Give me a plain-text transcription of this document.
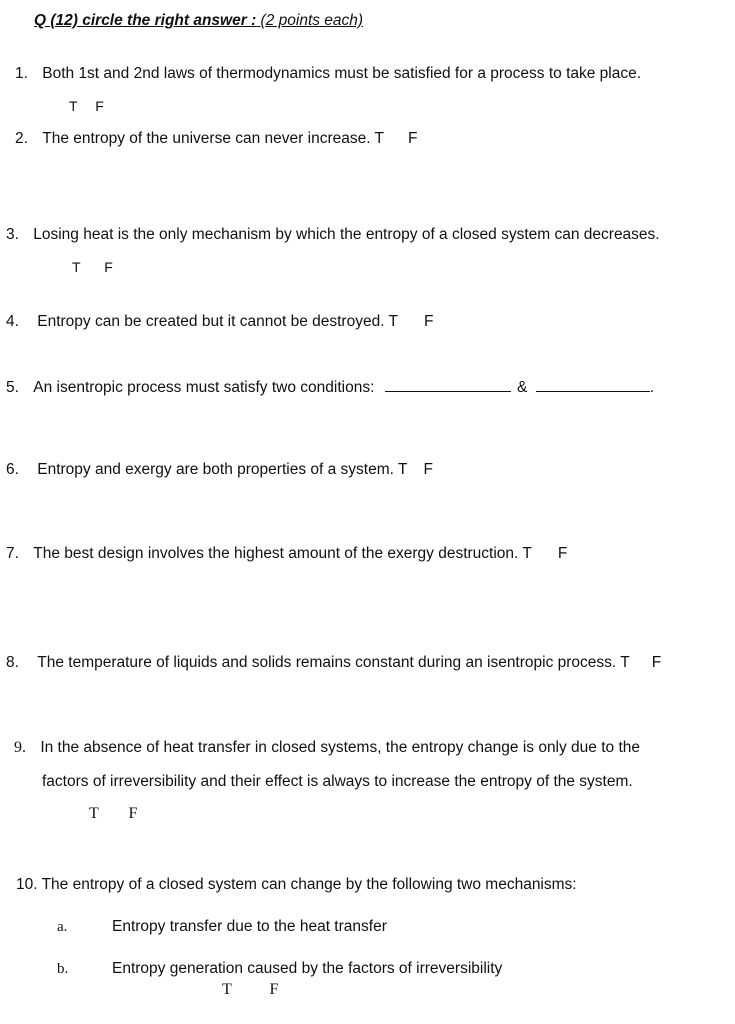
Q (12) circle the right answer : (2 points each)
1. Both 1st and 2nd laws of thermodynamics must be satisfied for a process to take place.
T F
2. The entropy of the universe can never increase. T F
3. Losing heat is the only mechanism by which the entropy of a closed system can decreases.
T F
4. Entropy can be created but it cannot be destroyed. T F
5. An isentropic process must satisfy two conditions:	&	.
6. Entropy and exergy are both properties of a system. T F
7. The best design involves the highest amount of the exergy destruction. T F
8. The temperature of liquids and solids remains constant during an isentropic process. T F
9. In the absence of heat transfer in closed systems, the entropy change is only due to the
factors of irreversibility and their effect is always to increase the entropy of the system.
T F
10. The entropy of a closed system can change by the following two mechanisms:
a.	Entropy transfer due to the heat transfer
b.	Entropy generation caused by the factors of irreversibility
T F
